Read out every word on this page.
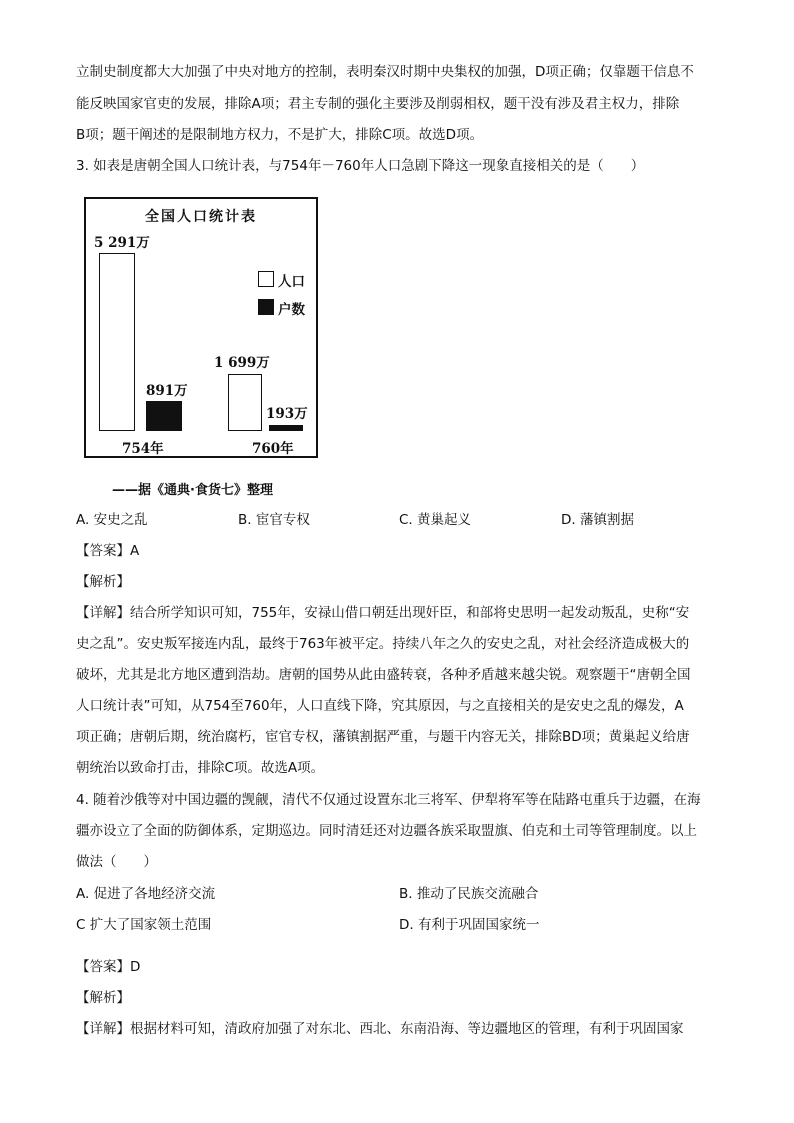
立制史制度都大大加强了中央对地方的控制，表明秦汉时期中央集权的加强，D项正确；仅靠题干信息不
能反映国家官吏的发展，排除A项；君主专制的强化主要涉及削弱相权，题干没有涉及君主权力，排除
B项；题干阐述的是限制地方权力，不是扩大，排除C项。故选D项。
3. 如表是唐朝全国人口统计表，与754年－760年人口急剧下降这一现象直接相关的是（　　）
全国人口统计表
5 291万
891万
1 699万
193万
754年	760年
人口
户数
——据《通典·食货七》整理
A. 安史之乱	B. 宦官专权	C. 黄巢起义	D. 藩镇割据
【答案】A
【解析】
【详解】结合所学知识可知，755年，安禄山借口朝廷出现奸臣，和部将史思明一起发动叛乱，史称“安
史之乱”。安史叛军接连内乱，最终于763年被平定。持续八年之久的安史之乱，对社会经济造成极大的
破坏，尤其是北方地区遭到浩劫。唐朝的国势从此由盛转衰，各种矛盾越来越尖锐。观察题干“唐朝全国
人口统计表”可知，从754至760年，人口直线下降，究其原因，与之直接相关的是安史之乱的爆发，A
项正确；唐朝后期，统治腐朽，宦官专权，藩镇割据严重，与题干内容无关，排除BD项；黄巢起义给唐
朝统治以致命打击，排除C项。故选A项。
4. 随着沙俄等对中国边疆的觊觎，清代不仅通过设置东北三将军、伊犁将军等在陆路屯重兵于边疆，在海
疆亦设立了全面的防御体系，定期巡边。同时清廷还对边疆各族采取盟旗、伯克和土司等管理制度。以上
做法（　　）
A. 促进了各地经济交流	B. 推动了民族交流融合
C 扩大了国家领土范围	D. 有利于巩固国家统一
【答案】D
【解析】
【详解】根据材料可知，清政府加强了对东北、西北、东南沿海、等边疆地区的管理，有利于巩固国家
